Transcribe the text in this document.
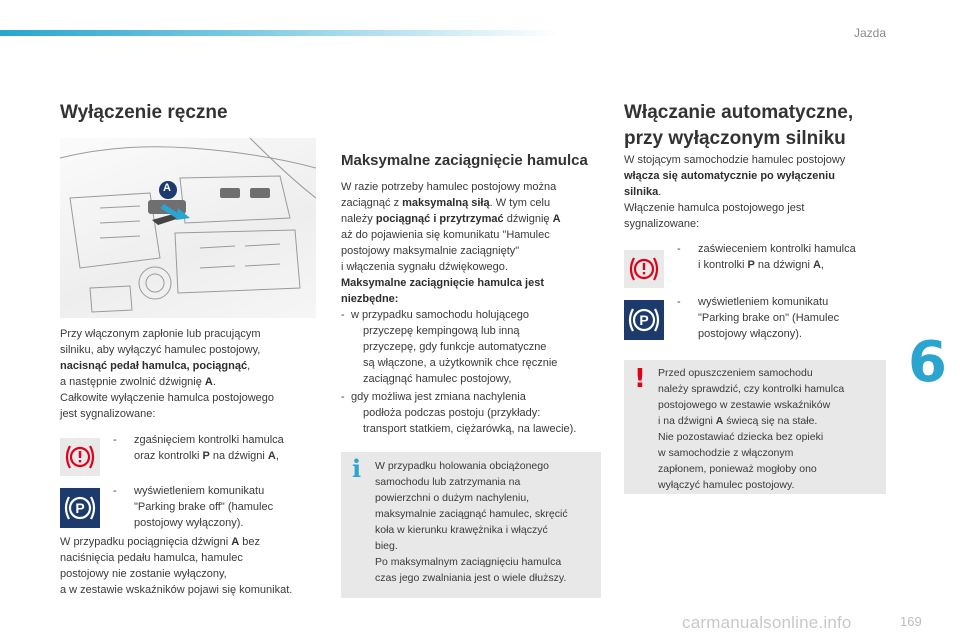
Jazda
6
Wyłączenie ręczne
A
Przy włączonym zapłonie lub pracującym
silniku, aby wyłączyć hamulec postojowy,
nacisnąć pedał hamulca, pociągnąć,
a następnie zwolnić dźwignię A.
Całkowite wyłączenie hamulca postojowego
jest sygnalizowane:
- zgaśnięciem kontrolki hamulca
oraz kontrolki P na dźwigni A,
P
- wyświetleniem komunikatu
"Parking brake off" (hamulec
postojowy wyłączony).
W przypadku pociągnięcia dźwigni A bez
naciśnięcia pedału hamulca, hamulec
postojowy nie zostanie wyłączony,
a w zestawie wskaźników pojawi się komunikat.
Maksymalne zaciągnięcie hamulca
W razie potrzeby hamulec postojowy można
zaciągnąć z maksymalną siłą. W tym celu
należy pociągnąć i przytrzymać dźwignię A
aż do pojawienia się komunikatu "Hamulec
postojowy maksymalnie zaciągnięty"
i włączenia sygnału dźwiękowego.
Maksymalne zaciągnięcie hamulca jest
niezbędne:
- w przypadku samochodu holującego
przyczepę kempingową lub inną
przyczepę, gdy funkcje automatyczne
są włączone, a użytkownik chce ręcznie
zaciągnąć hamulec postojowy,
- gdy możliwa jest zmiana nachylenia
podłoża podczas postoju (przykłady:
transport statkiem, ciężarówką, na lawecie).
i W przypadku holowania obciążonego
samochodu lub zatrzymania na
powierzchni o dużym nachyleniu,
maksymalnie zaciągnąć hamulec, skręcić
koła w kierunku krawężnika i włączyć
bieg.
Po maksymalnym zaciągnięciu hamulca
czas jego zwalniania jest o wiele dłuższy.
Włączanie automatyczne,
przy wyłączonym silniku
W stojącym samochodzie hamulec postojowy
włącza się automatycznie po wyłączeniu
silnika.
Włączenie hamulca postojowego jest
sygnalizowane:
- zaświeceniem kontrolki hamulca
i kontrolki P na dźwigni A,
P
- wyświetleniem komunikatu
"Parking brake on" (Hamulec
postojowy włączony).
! Przed opuszczeniem samochodu
należy sprawdzić, czy kontrolki hamulca
postojowego w zestawie wskaźników
i na dźwigni A świecą się na stałe.
Nie pozostawiać dziecka bez opieki
w samochodzie z włączonym
zapłonem, ponieważ mogłoby ono
wyłączyć hamulec postojowy.
carmanualsonline.info	169
